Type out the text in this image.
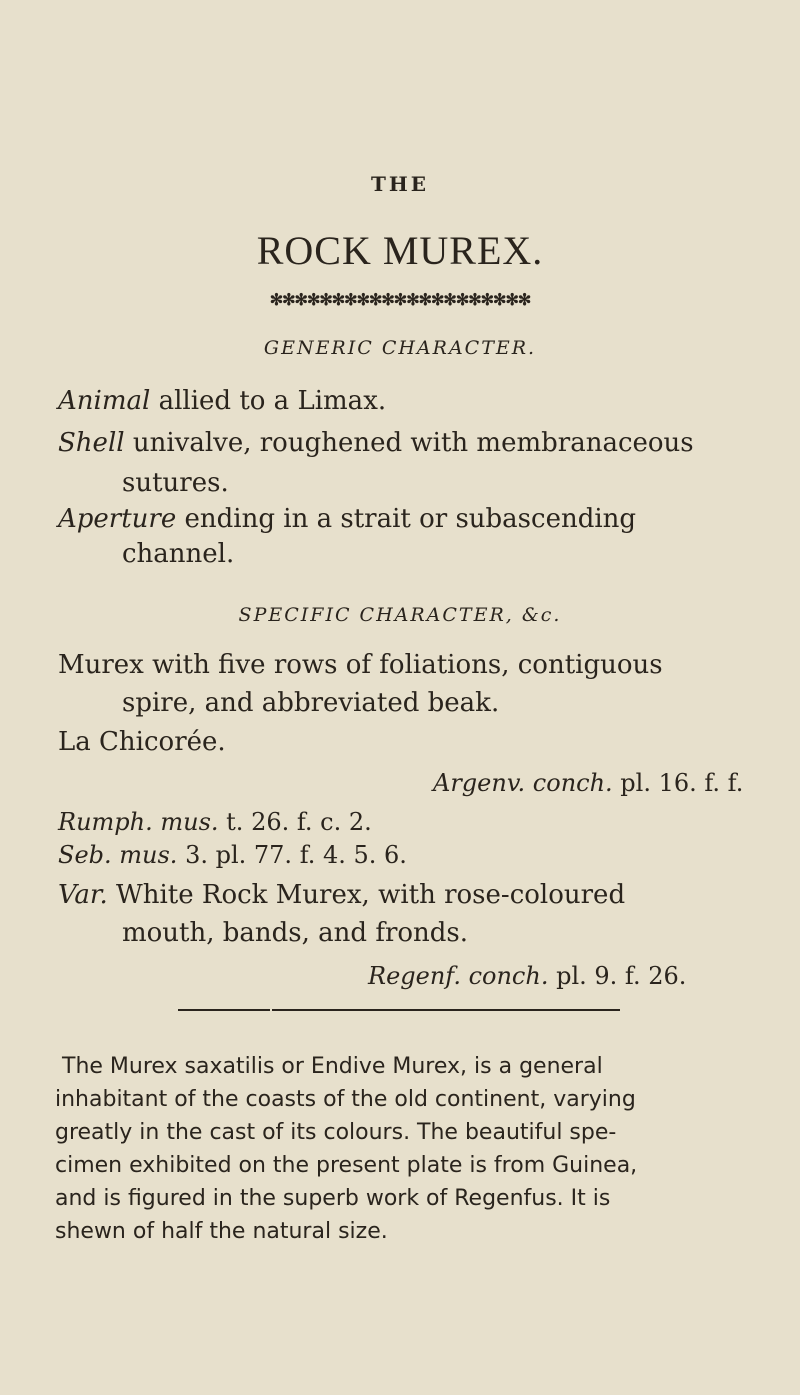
THE
ROCK MUREX.
✻✻✻✻✻✻✻✻✻✻✻✻✻✻✻✻✻✻✻✻✻
GENERIC CHARACTER.
Animal allied to a Limax.
Shell univalve, roughened with membranaceous
sutures.
Aperture ending in a strait or subascending
channel.
SPECIFIC CHARACTER, &c.
Murex with five rows of foliations, contiguous
spire, and abbreviated beak.
La Chicorée.
Argenv. conch. pl. 16. f. f.
Rumph. mus. t. 26. f. c. 2.
Seb. mus. 3. pl. 77. f. 4. 5. 6.
Var. White Rock Murex, with rose-coloured
mouth, bands, and fronds.
Regenf. conch. pl. 9. f. 26.
The Murex saxatilis or Endive Murex, is a general
inhabitant of the coasts of the old continent, varying
greatly in the cast of its colours. The beautiful spe-
cimen exhibited on the present plate is from Guinea,
and is figured in the superb work of Regenfus. It is
shewn of half the natural size.
